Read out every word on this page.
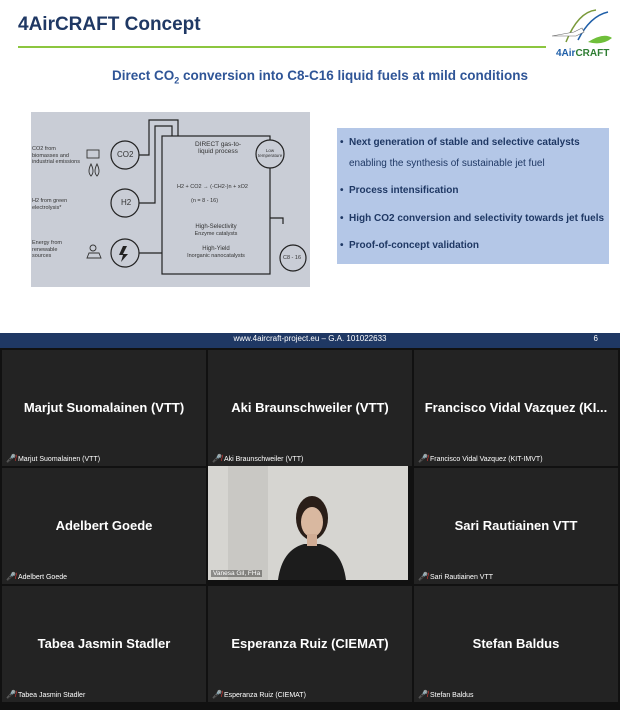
4AirCRAFT Concept
4AirCRAFT
Direct $CO_2$ conversion into C8-C16 liquid fuels at mild conditions
CO2 from biomasses and industrial emissions
H2 from green electrolysis*
Energy from renewable sources
CO2
H2
DIRECT gas-to-liquid process	Low temperature
H2 + CO2 → (-CH2-)n + xO2
(n = 8 - 16)
High-Selectivity
Enzyme catalysts
High-Yield
Inorganic nanocatalysts	C8 - 16
• Next generation of stable and selective catalysts
enabling the synthesis of sustainable jet fuel
• Process intensification
• High CO2 conversion and selectivity towards jet fuels
• Proof-of-concept validation
www.4aircraft-project.eu – G.A. 101022633	6
Marjut Suomalainen (VTT)
🎤̸ Marjut Suomalainen (VTT)
Aki Braunschweiler (VTT)
🎤̸ Aki Braunschweiler (VTT)
Francisco Vidal Vazquez (KI...
🎤̸ Francisco Vidal Vazquez (KIT-IMVT)
Adelbert Goede
🎤̸ Adelbert Goede
Vanesa Gil, FHa
Sari Rautiainen VTT
🎤̸ Sari Rautiainen VTT
Tabea Jasmin Stadler
🎤̸ Tabea Jasmin Stadler
Esperanza Ruiz (CIEMAT)
🎤̸ Esperanza Ruiz (CIEMAT)
Stefan Baldus
🎤̸ Stefan Baldus
